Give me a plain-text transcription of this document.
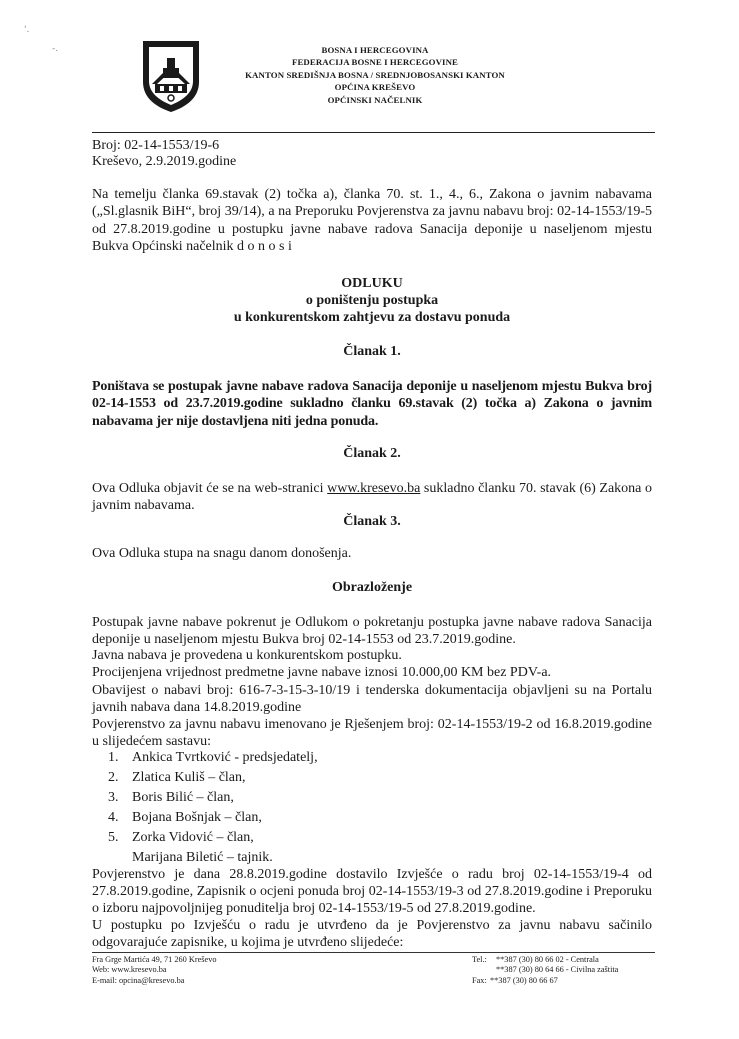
'.
-.	BOSNA I HERCEGOVINA
FEDERACIJA BOSNE I HERCEGOVINE
KANTON SREDIŠNJA BOSNA / SREDNJOBOSANSKI KANTON
OPĆINA KREŠEVO
OPĆINSKI NAČELNIK
Broj: 02-14-1553/19-6
Kreševo, 2.9.2019.godine
Na temelju članka 69.stavak (2) točka a), članka 70. st. 1., 4., 6., Zakona o javnim nabavama („Sl.glasnik BiH“, broj 39/14), a na Preporuku Povjerenstva za javnu nabavu broj: 02-14-1553/19-5 od 27.8.2019.godine u postupku javne nabave radova Sanacija deponije u naseljenom mjestu Bukva Općinski načelnik d o n o s i
ODLUKU
o poništenju postupka
u konkurentskom zahtjevu za dostavu ponuda
Članak 1.
Poništava se postupak javne nabave radova Sanacija deponije u naseljenom mjestu Bukva broj 02-14-1553 od 23.7.2019.godine sukladno članku 69.stavak (2) točka a) Zakona o javnim nabavama jer nije dostavljena niti jedna ponuda.
Članak 2.
Ova Odluka objavit će se na web-stranici www.kresevo.ba sukladno članku 70. stavak (6) Zakona o javnim nabavama.
Članak 3.
Ova Odluka stupa na snagu danom donošenja.
Obrazloženje
Postupak javne nabave pokrenut je Odlukom o pokretanju postupka javne nabave radova Sanacija deponije u naseljenom mjestu Bukva broj 02-14-1553 od 23.7.2019.godine.
Javna nabava je provedena u konkurentskom postupku.
Procijenjena vrijednost predmetne javne nabave iznosi 10.000,00 KM bez PDV-a.
Obavijest o nabavi broj: 616-7-3-15-3-10/19 i tenderska dokumentacija objavljeni su na Portalu javnih nabava dana 14.8.2019.godine
Povjerenstvo za javnu nabavu imenovano je Rješenjem broj: 02-14-1553/19-2 od 16.8.2019.godine u slijedećem sastavu:
1. Ankica Tvrtković - predsjedatelj,
2. Zlatica Kuliš – član,
3. Boris Bilić – član,
4. Bojana Bošnjak – član,
5. Zorka Vidović – član,
Marijana Biletić – tajnik.
Povjerenstvo je dana 28.8.2019.godine dostavilo Izvješće o radu broj 02-14-1553/19-4 od 27.8.2019.godine, Zapisnik o ocjeni ponuda broj 02-14-1553/19-3 od 27.8.2019.godine i Preporuku o izboru najpovoljnijeg ponuditelja broj 02-14-1553/19-5 od 27.8.2019.godine.
U postupku po Izvješću o radu je utvrđeno da je Povjerenstvo za javnu nabavu sačinilo odgovarajuće zapisnike, u kojima je utvrđeno slijedeće:
Fra Grge Martića 49, 71 260 Kreševo
Web: www.kresevo.ba
E-mail: opcina@kresevo.ba
Tel.: **387 (30) 80 66 02 - Centrala
**387 (30) 80 64 66 - Civilna zaštita
Fax: **387 (30) 80 66 67
